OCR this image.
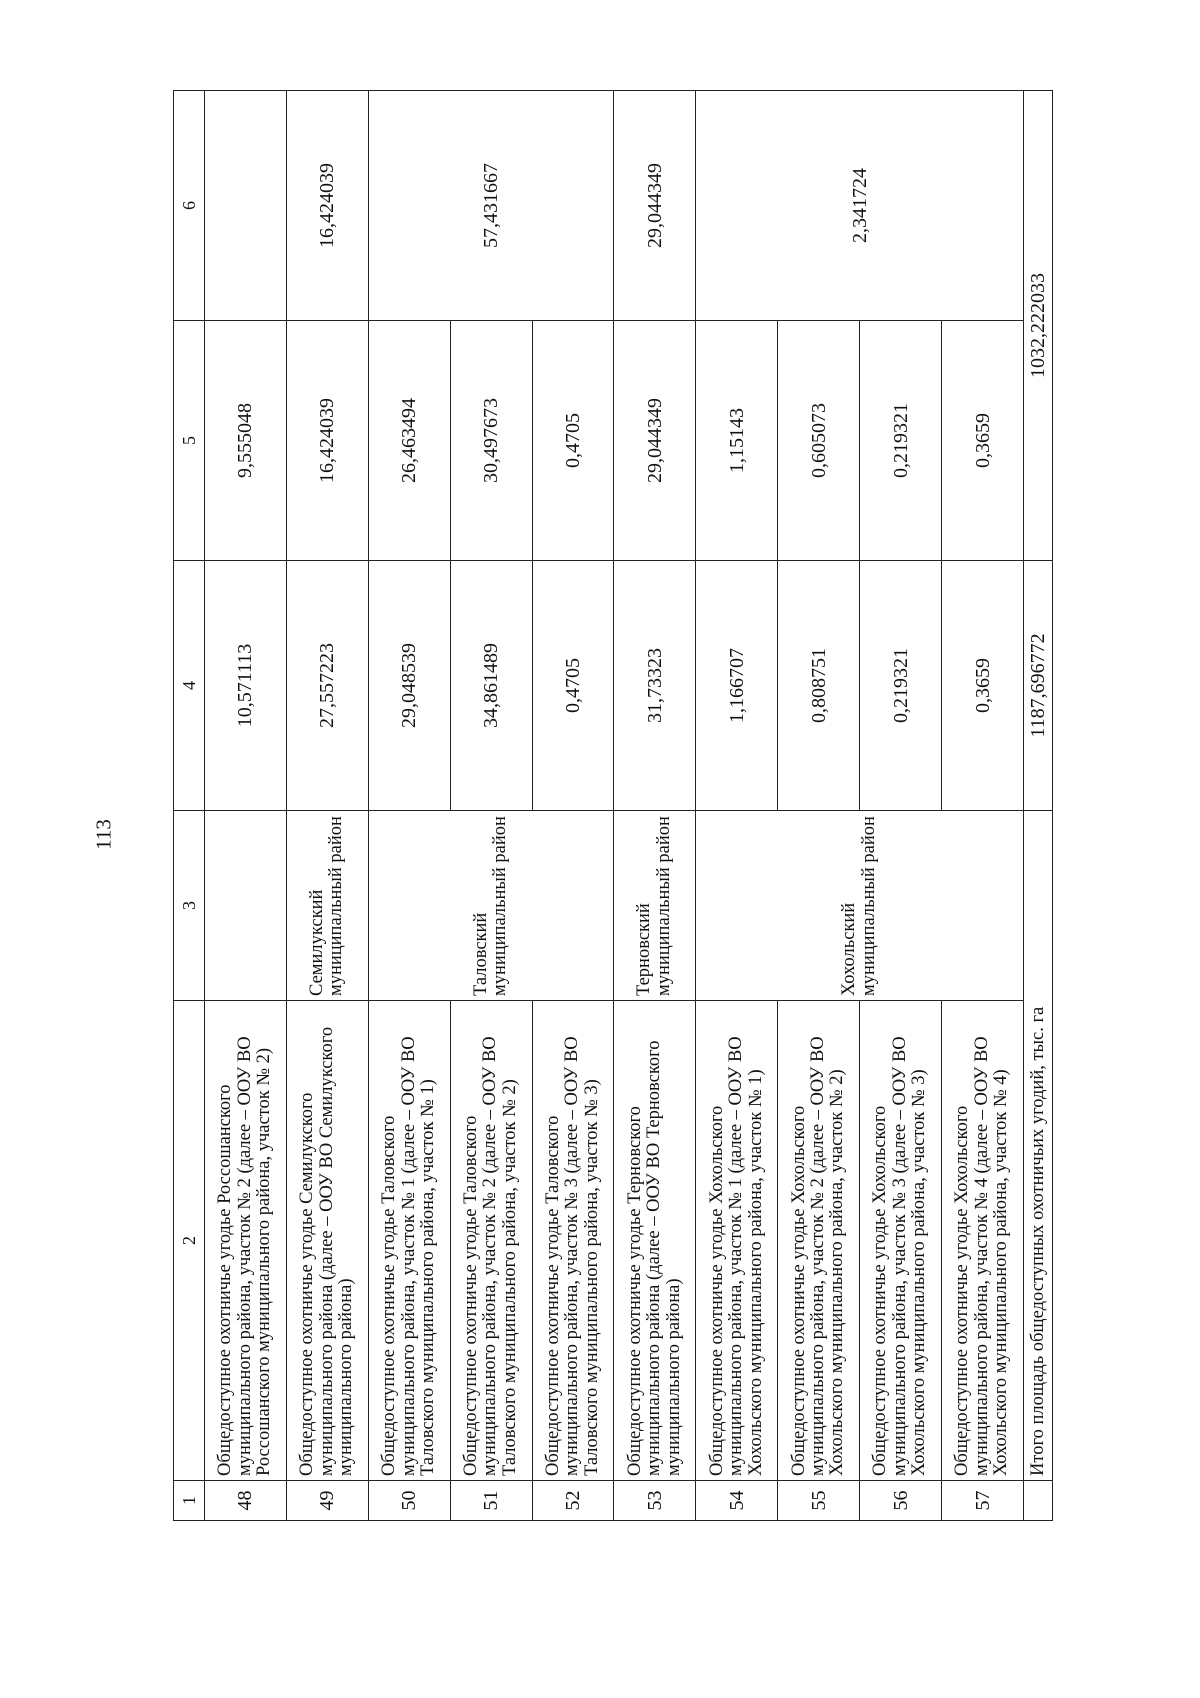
113
1	2	3	4	5	6
48	Общедоступное охотничье угодье Россошанского муниципального района, участок № 2 (далее – ООУ ВО Россошанского муниципального района, участок № 2)		10,571113	9,555048	
49	Общедоступное охотничье угодье Семилукского муниципального района (далее – ООУ ВО Семилукского муниципального района)	Семилукский муниципальный район	27,557223	16,424039	16,424039
50	Общедоступное охотничье угодье Таловского муниципального района, участок № 1 (далее – ООУ ВО Таловского муниципального района, участок № 1)	Таловский муниципальный район	29,048539	26,463494	57,431667
51	Общедоступное охотничье угодье Таловского муниципального района, участок № 2 (далее – ООУ ВО Таловского муниципального района, участок № 2)		34,861489	30,497673	
52	Общедоступное охотничье угодье Таловского муниципального района, участок № 3 (далее – ООУ ВО Таловского муниципального района, участок № 3)		0,4705	0,4705	
53	Общедоступное охотничье угодье Терновского муниципального района (далее – ООУ ВО Терновского муниципального района)	Терновский муниципальный район	31,73323	29,044349	29,044349
54	Общедоступное охотничье угодье Хохольского муниципального района, участок № 1 (далее – ООУ ВО Хохольского муниципального района, участок № 1)	Хохольский муниципальный район	1,166707	1,15143	2,341724
55	Общедоступное охотничье угодье Хохольского муниципального района, участок № 2 (далее – ООУ ВО Хохольского муниципального района, участок № 2)		0,808751	0,605073	
56	Общедоступное охотничье угодье Хохольского муниципального района, участок № 3 (далее – ООУ ВО Хохольского муниципального района, участок № 3)		0,219321	0,219321	
57	Общедоступное охотничье угодье Хохольского муниципального района, участок № 4 (далее – ООУ ВО Хохольского муниципального района, участок № 4)		0,3659	0,3659	
	Итого площадь общедоступных охотничьих угодий, тыс. га		1187,696772	1032,222033	
